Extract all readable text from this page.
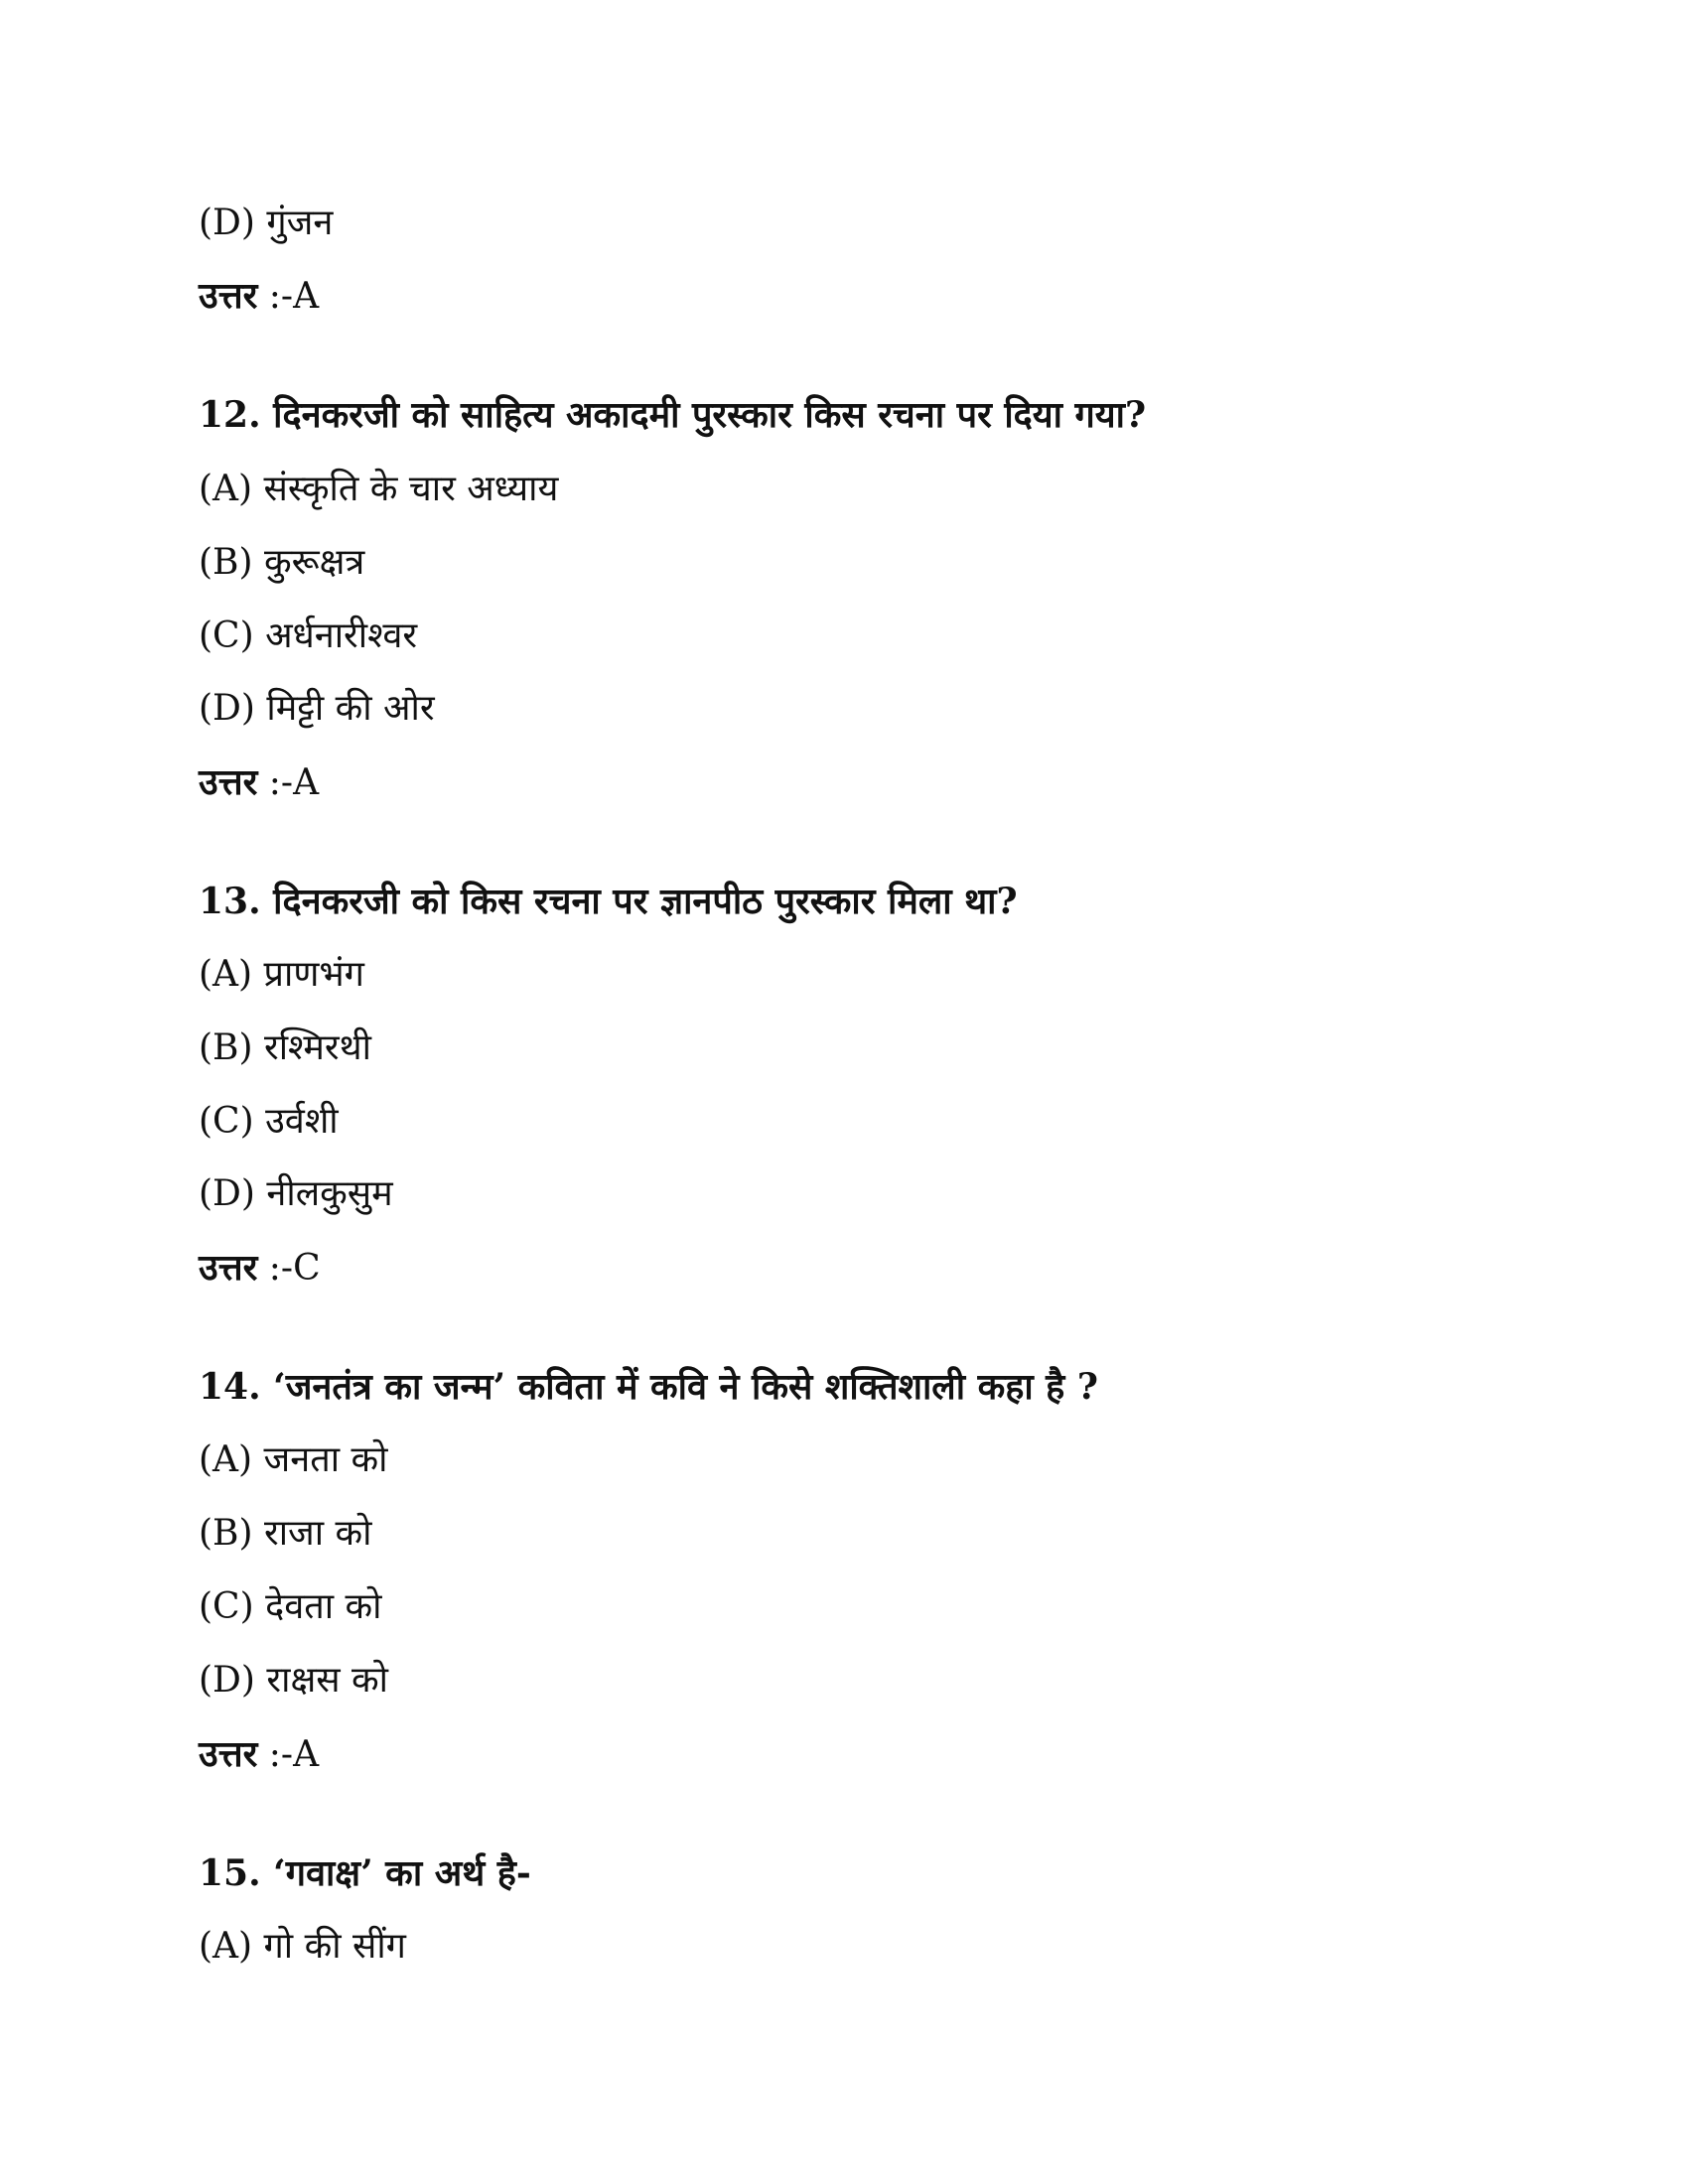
(D) गुंजन
उत्तर :-A
12. दिनकरजी को साहित्य अकादमी पुरस्कार किस रचना पर दिया गया?
(A) संस्कृति के चार अध्याय
(B) कुरूक्षत्र
(C) अर्धनारीश्वर
(D) मिट्टी की ओर
उत्तर :-A
13. दिनकरजी को किस रचना पर ज्ञानपीठ पुरस्कार मिला था?
(A) प्राणभंग
(B) रश्मिरथी
(C) उर्वशी
(D) नीलकुसुम
उत्तर :-C
14. ‘जनतंत्र का जन्म’ कविता में कवि ने किसे शक्तिशाली कहा है ?
(A) जनता को
(B) राजा को
(C) देवता को
(D) राक्षस को
उत्तर :-A
15. ‘गवाक्ष’ का अर्थ है-
(A) गो की सींग
